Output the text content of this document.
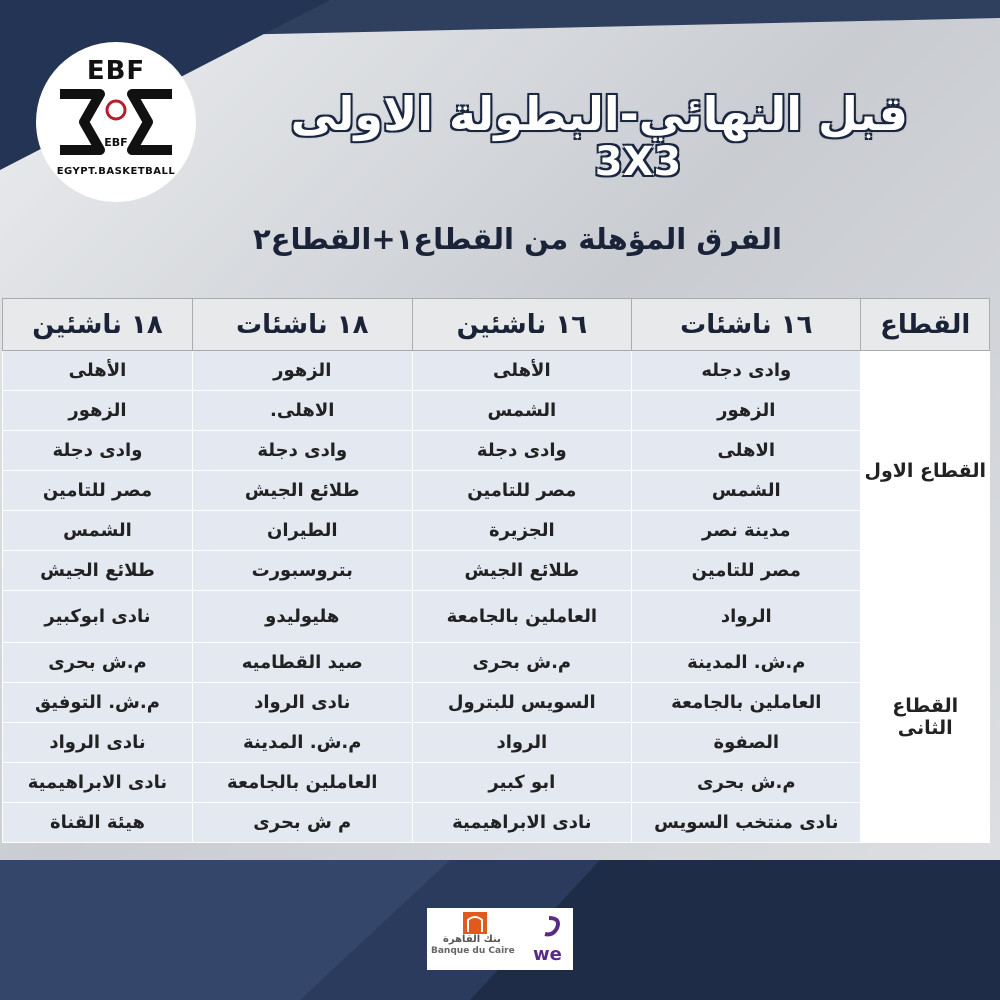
EBF
EBF
EGYPT.BASKETBALL
قبل النهائي-البطولة الاولى
3X3
الفرق المؤهلة من القطاع١+القطاع٢
القطاع	١٦ ناشئات	١٦ ناشئين	١٨ ناشئات	١٨ ناشئين
القطاع الاول	وادى دجله	الأهلى	الزهور	الأهلى
	الزهور	الشمس	الاهلى.	الزهور
	الاهلى	وادى دجلة	وادى دجلة	وادى دجلة
	الشمس	مصر للتامين	طلائع الجيش	مصر للتامين
	مدينة نصر	الجزيرة	الطيران	الشمس
	مصر للتامين	طلائع الجيش	بتروسبورت	طلائع الجيش
القطاع الثانى	الرواد	العاملين بالجامعة	هليوليدو	نادى ابوكبير
	م.ش. المدينة	م.ش بحرى	صيد القطاميه	م.ش بحرى
	العاملين بالجامعة	السويس للبترول	نادى الرواد	م.ش. التوفيق
	الصفوة	الرواد	م.ش. المدينة	نادى الرواد
	م.ش بحرى	ابو كبير	العاملين بالجامعة	نادى الابراهيمية
	نادى منتخب السويس	نادى الابراهيمية	م ش بحرى	هيئة القناة
بنك القاهرة
Banque du Caire we
